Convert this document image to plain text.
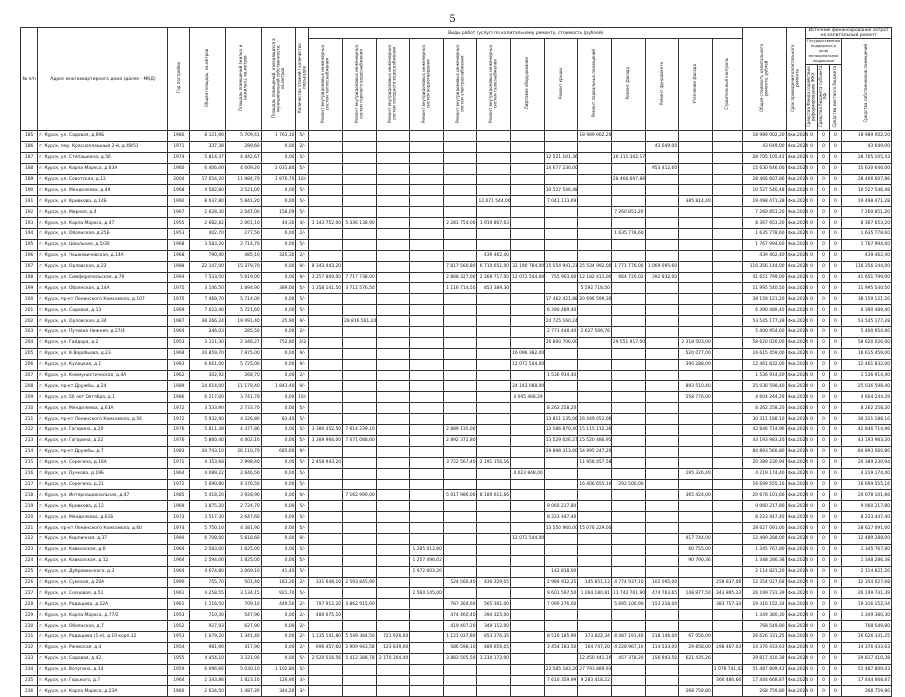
5
№ п/п	Адрес многоквартирного дома (далее - МКД)	Год постройки	Общая площадь, кв.метров	Площадь помещений (жилых и нежилых), кв.метров	Площадь помещений, находящихся в муниципальной собственности, кв.метров	Количество этажей / количество подъездов	Виды работ (услуг) по капитальному ремонту, стоимость (рублей)													Общая стоимость капитального ремонта, рублей	Срок проведения капитального ремонта	Источник финансирования затрат на капитальный ремонт			
							Ремонт внутридомовых инженерных систем теплоснабжения	Ремонт внутридомовых инженерных систем горячего водоснабжения	Ремонт внутридомовых инженерных систем холодного водоснабжения	Ремонт внутридомовых инженерных систем водоотведения	Ремонт внутридомовых инженерных систем электроснабжения	Ремонт внутридомовых инженерных систем газоснабжения	Лифтовое оборудование	Ремонт крыши	Ремонт подвальных помещений	Ремонт фасада	Ремонт фундамента	Утепление фасада	Строительный контроль			Государственная поддержка и (или) муниципальная поддержка			Средства собственников помещений
																						Средства Фонда содействия реформированию ЖКХ	Средства бюджета субъекта РФ	Средства местного бюджета	
185	г. Курск, ул. Садовая, д.69Б	1980	8 121,90	5 709,41	1 763,10	5/-									18 989 002,20					18 989 002,20	4кв.2024	0	0	0	18 989 002,20
186	г. Курск, пер. Красноплещный 2-й, д.49/51	1971	337,38	289,60	0,00	2/-											43 649,00			43 649,00	4кв.2024	0	0	0	43 649,00
187	г. Курск, ул. Степашкина, д.56	1974	5 814,37	4 442,67	0,00	5/-								12 521 101,36		16 111 342,17				28 705 105,43	4кв.2024	0	0	0	28 705 105,43
188	г. Курск, ул. Карла Маркса, д.63А	1960	6 406,00	4 009,20	1 031,80	5/-								14 677 230,00			953 412,60			15 630 646,00	4кв.2024	0	0	0	15 630 646,00
189	г. Курск, ул. Советская, д.12	2004	17 654,20	11 984,70	1 876,70	10/-										28 466 607,86				28 466 607,86	4кв.2024	0	0	0	28 466 607,86
190	г. Курск, ул. Менделеева, д.49	1968	4 582,80	3 521,00	0,00	5/-								10 527 546,48						10 527 546,48	4кв.2024	0	0	0	10 527 546,48
191	г. Курск, ул. Кривкова, д.14Б	1992	8 037,80	5 841,20	0,00	5/-						12 071 544,00		7 041 113,69				385 814,40		19 498 471,28	4кв.2024	0	0	0	19 498 471,28
192	г. Курск, ул. Мирная, д.4	1967	2 628,30	2 047,00	158,09	5/-										7 260 851,20				7 260 851,20	4кв.2024	0	0	0	7 260 851,20
193	г. Курск, ул. Карла Маркса, д.47	1955	2 682,82	2 001,10	44,30	4/-	1 343 752,00	5 336 138,90			2 283 754,00	1 919 807,63								8 367 653,20	4кв.2024	0	0	0	8 367 653,20
194	г. Курск, ул. Обоянская, д.25Б	1953	402,70	277,56	0,00	2/-										1 635 778,60				1 635 778,60	4кв.2024	0	0	0	1 635 778,60
195	г. Курск, ул. Школьная, д.5/30	1968	3 583,20	2 714,70	0,00	5/-														1 767 994,60	4кв.2024	0	0	0	1 767 994,60
196	г. Курск, ул. Чашкевичевская, д.14А	1968	790,40	485,10	325,30	2/-						439 462,40								439 462,40	4кв.2024	0	0	0	439 462,40
197	г. Курск, ул. Орловская, д.22	1988	22 147,00	15 379,70	0,00	9/-	8 343 443,20				7 817 560,80	6 710 651,00	32 190 784,00	15 554 941,21	25 534 992,00	1 771 776,00	1 069 095,60			116 356 144,00	4кв.2024	0	0	0	116 356 144,00
198	г. Курск, ул. Симферопольская, д.79	1994	7 533,50	5 919,00	0,00	9/-	3 257 809,00	7 717 738,00			2 868 327,00	2 268 717,00	12 071 544,00	755 903,00	12 182 411,00	664 720,02	392 832,00			41 651 799,00	4кв.2024	0	0	0	41 651 799,00
199	г. Курск, ул. Обоянская, д.14А	1975	3 146,50	1 894,90	389,00	5/-	1 358 141,50	3 712 576,50			1 116 714,50	853 389,30			5 592 718,50					11 995 540,50	4кв.2024	0	0	0	11 995 540,50
200	г. Курск, пр-кт Ленинского Комсомола, д.107	1975	7 469,70	5 714,00	0,00	5/-								17 462 421,88	20 696 599,30					38 159 121,20	4кв.2024	0	0	0	38 159 121,20
201	г. Курск, ул. Садовая, д.13	1969	7 023,40	5 721,60	0,00	5/-								6 390 489,40						6 390 489,40	4кв.2024	0	0	0	6 390 489,40
202	г. Курск, ул. Орловская, д.34	1987	38 266,24	19 091,40	25,90	9/-		28 816 561,24						24 725 160,24						53 545 177,28	4кв.2024	0	0	0	53 545 177,28
203	г. Курск, ул. Путевая Нижняя, д.27/4	1964	346,03	285,50	0,00	2/-								2 773 448,40	2 627 506,76					5 400 954,60	4кв.2024	0	0	0	5 400 954,60
204	г. Курск, ул. Гайдара, д.2	1953	3 121,30	2 346,27	752,80	3/3								26 800 706,00		29 551 917,00		2 318 503,00		58 620 026,00	4кв.2024	0	0	0	58 620 026,00
205	г. Курск, ул. К.Воробьева, д.23	1968	10 859,70	7 875,00	0,00	9/-							16 096 382,00					520 077,00		16 615 459,00	4кв.2024	0	0	0	16 615 459,00
206	г. Курск, ул. Кулацкая, д.1	1983	6 661,00	5 725,00	0,00	9/-							12 071 544,00					390 288,00		12 461 832,00	4кв.2024	0	0	0	12 461 832,00
207	г. Курск, ул. Коммунистическая, д.4А	1962	302,92	268,70	0,00	2/-								1 536 914,40						1 536 914,40	4кв.2024	0	0	0	1 536 914,40
208	г. Курск, пр-кт Дружбы, д.24	1989	14 614,00	11 178,40	1 843,40	9/-							24 143 088,00					893 510,40		25 036 598,40	4кв.2024	0	0	0	25 036 598,40
209	г. Курск, ул. 50 лет Октября, д.1	1986	6 217,00	3 741,70	0,00	10/-							4 045 468,29					558 776,00		4 604 244,29	4кв.2024	0	0	0	4 604 244,29
210	г. Курск, ул. Менделеева, д.63А	1972	3 533,90	2 733,70	0,00	5/-								8 262 258,20						8 262 258,20	4кв.2024	0	0	0	8 262 258,20
211	г. Курск, пр-кт Ленинского Комсомола, д.56	1972	5 932,90	4 326,80	83,40	5/-								13 811 135,06	16 449 053,06					30 311 188,10	4кв.2024	0	0	0	30 311 188,10
212	г. Курск, ул. Гагарина, д.20	1976	5 811,38	4 377,86	0,00	5/-	3 380 352,50	7 614 239,10			2 889 135,00			13 586 870,40	15 115 112,36					42 846 714,96	4кв.2024	0	0	0	42 846 714,96
213	г. Курск, ул. Гагарина, д.22	1976	5 860,40	4 402,16	0,00	5/-	3 389 966,00	7 671 088,60			2 892 372,80			13 529 026,27	15 520 486,95					43 193 983,20	4кв.2024	0	0	0	43 193 983,20
214	г. Курск, пр-кт Дружбы, д.7	1983	34 743,10	26 110,70	685,60	9/-								29 898 313,60	54 995 247,20					84 893 560,80	4кв.2024	0	0	0	84 893 560,80
215	г. Курск, ул. Серегина, д.16А	1971	4 353,68	2 998,40	0,00	5/-	2 458 943,20				3 722 567,40	2 191 156,16			11 958 457,58					20 389 230,94	4кв.2024	0	0	0	20 389 230,94
216	г. Курск, ул. Пучкова, д.19Б	1964	4 089,22	2 646,56	0,00	5/-							4 023 848,00					195 326,40		4 219 174,40	4кв.2024	0	0	0	4 219 174,40
217	г. Курск, ул. Серегина, д.21	1972	5 690,80	4 376,50	0,00	5/-									16 406 655,16	292 500,00				16 699 555,16	4кв.2024	0	0	0	16 699 555,16
218	г. Курск, ул. Интернациональная, д.47	1985	5 418,20	3 928,90	0,00	9/-		7 162 990,00			5 017 986,00	8 189 611,66						365 424,00		20 678 101,66	4кв.2024	0	0	0	20 678 101,66
219	г. Курск, ул. Кривкова, д.12	1969	3 875,20	2 724,70	0,00	5/-								9 060 217,80						9 060 217,80	4кв.2024	0	0	0	9 060 217,80
220	г. Курск, ул. Менделеева, д.61Б	1973	3 517,30	2 647,60	0,00	5/-								8 223 447,40						8 223 447,40	4кв.2024	0	0	0	8 223 447,40
221	г. Курск, пр-кт Ленинского Комсомола, д.60	1974	5 750,10	4 381,90	0,00	5/-								13 550 960,00	15 076 229,00					28 627 091,00	4кв.2024	0	0	0	28 627 091,00
222	г. Курск, ул. Кирпичная, д.37	1990	6 708,00	5 818,60	0,00	9/-							12 071 544,00					417 744,00		12 489 288,00	4кв.2024	0	0	0	12 489 288,00
223	г. Курск, ул. Кавказская, д.6	1964	2 583,00	1 825,00	0,00	5/-				1 285 012,80								60 755,00		1 345 767,80	4кв.2024	0	0	0	1 345 767,80
224	г. Курск, ул. Кавказская, д.12	1964	2 594,00	1 825,00	0,00	5/-				1 257 496,02								90 790,36		1 348 286,38	4кв.2024	0	0	0	1 348 286,38
225	г. Курск, ул. Дубровинского, д.3	1964	4 674,80	3 069,10	41,40	5/-				1 972 003,20				142 818,00						2 114 821,20	4кв.2024	0	0	0	2 114 821,20
226	г. Курск, ул. Сумская, д.20А	1990	755,70	501,40	183,30	2/-	331 648,10	2 593 845,90			524 560,40	436 329,05		2 984 912,25	145 851,13	4 774 937,10	102 095,00		258 837,08	12 354 027,68	4кв.2024	0	0	0	12 354 027,68
227	г. Курск, ул. Сосновая, д.51	1961	4 258,55	3 134,15	921,70	5/-				2 560 145,00				9 601 597,50	1 264 180,81	11 742 761,90	474 763,65	148 977,50	343 895,33	26 199 731,39	4кв.2024	0	0	0	26 199 731,39
228	г. Курск, ул. Радищева, д.22А	1961	1 116,50	709,10	449,50	2/-	797 912,20	3 862 915,60			787 304,60	565 301,00		7 090 276,00		5 695 100,90	153 218,00		383 757,34	19 316 152,34	4кв.2024	0	0	0	19 316 152,34
229	г. Курск, ул. Карла Маркса, д.77/2	1953	710,30	547,96	0,00	2/-	480 675,10				474 460,40	394 325,00								1 349 380,30	4кв.2024	0	0	0	1 349 380,30
230	г. Курск, ул. Обоянская, д.7	1952	927,93	627,90	0,00	2/-					419 407,20	349 112,00								768 549,80	4кв.2024	0	0	0	768 549,80
231	г. Курск, ул. Радищева (1-я), д.10 корп.32	1953	1 679,20	1 341,40	0,00	2/-	1 135 141,80	5 549 384,50	721 926,00		1 121 037,80	853 376,35		8 516 185,90	373 822,34	8 087 191,40	218 146,00	67 056,00		26 626 331,25	4кв.2024	0	0	0	26 626 331,25
232	г. Курск, ул. Ржевская, д.4	1954	981,90	417,90	0,00	2/-	696 457,60	2 909 943,58	123 839,00		586 598,10	489 656,05		3 454 183,50	164 747,20	4 228 967,10	114 533,00	29 858,00	298 467,03	14 376 433,63	4кв.2024	0	0	0	14 376 433,63
233	г. Курск, ул. Садовая, д.42	1955	4 454,10	3 321,00	0,00	5/-	2 520 516,56	5 412 388,78	2 170 304,40		3 883 505,50	3 234 172,00			12 450 441,16	457 378,20	156 943,50	621 435,26		29 817 410,38	4кв.2024	0	0	0	29 817 410,38
234	г. Курск, ул. Вотугина, д.14	1959	6 096,66	5 030,10	1 102,80	5/-								22 585 183,20	27 793 889,93				1 078 741,43	51 487 809,43	4кв.2024	0	0	0	51 487 809,43
235	г. Курск, ул. Горького, д.7	1964	2 343,86	1 823,16	126,90	3/-								7 610 359,99	9 283 418,22				366 480,66	17 444 668,87	4кв.2024	0	0	0	17 444 668,87
236	г. Курск, ул. Карла Маркса, д.23А	1960	2 634,50	1 487,26	344,20	3/-												268 759,80		268 759,80	4кв.2024	0	0	0	268 759,80
